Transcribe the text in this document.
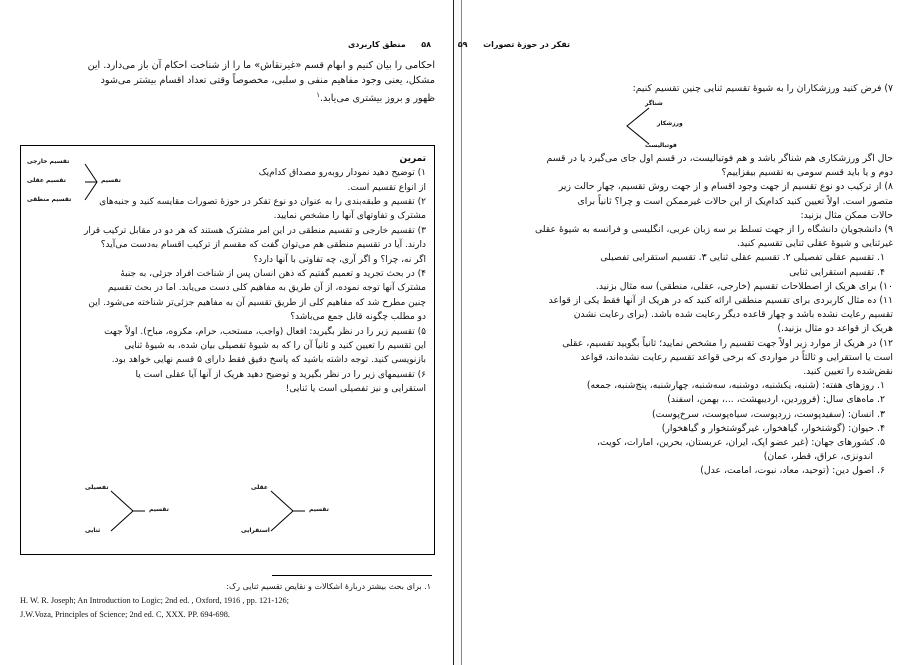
۵۸  منطق کاربردی
احکامی را بیان کنیم و ابهام قسم «غیرنقاش» ما را از شناخت احکام آن باز می‌دارد. این
مشکل، یعنی وجود مفاهیم منفی و سلبی، مخصوصاً وقتی تعداد اقسام بیشتر می‌شود
ظهور و بروز بیشتری می‌یابد.$^۱$
تمرین
۱) توضیح دهید نمودار روبه‌رو مصداق کدام‌یک
از انواع تقسیم است.
تقسیم
تقسیم خارجی
تقسیم عقلی
تقسیم منطقی	۲) تقسیم و طبقه‌بندی را به عنوان دو نوع تفکر در حوزهٔ تصورات مقایسه کنید و جنبه‌های
مشترک و تفاوتهای آنها را مشخص نمایید.
۳) تقسیم خارجی و تقسیم منطقی در این امر مشترک هستند که هر دو در مقابل ترکیب قرار
دارند. آیا در تقسیم منطقی هم می‌توان گفت که مقسم از ترکیب اقسام به‌دست می‌آید؟
اگر نه، چرا؟ و اگر آری، چه تفاوتی با آنها دارد؟
۴) در بحث تجرید و تعمیم گفتیم که ذهن انسان پس از شناخت افراد جزئی، به جنبهٔ
مشترک آنها توجه نموده، از آن طریق به مفاهیم کلی دست می‌یابد. اما در بحث تقسیم
چنین مطرح شد که مفاهیم کلی از طریق تقسیم آن به مفاهیم جزئی‌تر شناخته می‌شود. این
دو مطلب چگونه قابل جمع می‌باشد؟
۵) تقسیم زیر را در نظر بگیرید: افعال (واجب، مستحب، حرام، مکروه، مباح). اولاً جهت
این تقسیم را تعیین کنید و ثانیاً آن را که به شیوهٔ تفصیلی بیان شده، به شیوهٔ ثنایی
بازنویسی کنید. توجه داشته باشید که پاسخ دقیق فقط دارای ۵ قسم نهایی خواهد بود.
۶) تقسیمهای زیر را در نظر بگیرید و توضیح دهید هریک از آنها آیا عقلی است یا
استقرایی و نیز تفصیلی است یا ثنایی!
تقسیم
تفصیلی
ثنایی
تقسیم
عقلی
استقرایی
۱. برای بحث بیشتر دربارهٔ اشکالات و نقایص تقسیم ثنایی رک:
H. W. R. Joseph; An Introduction to Logic; 2nd ed. , Oxford, 1916 , pp. 121-126;
J.W.Voza, Principles of Science; 2nd ed. C, XXX. PP. 694-698.
تفکر در حوزهٔ تصورات  ۵۹
۷) فرض کنید ورزشکاران را به شیوهٔ تقسیم ثنایی چنین تقسیم کنیم:
ورزشکار
شناگر
فوتبالیست
حال اگر ورزشکاری هم شناگر باشد و هم فوتبالیست، در قسم اول جای می‌گیرد یا در قسم
دوم و یا باید قسم سومی به تقسیم بیفزاییم؟
۸) از ترکیب دو نوع تقسیم از جهت وجود اقسام و از جهت روش تقسیم، چهار حالت زیر
متصور است. اولاً تعیین کنید کدام‌یک از این حالات غیرممکن است و چرا؟ ثانیاً برای
حالات ممکن مثال بزنید:
۹) دانشجویان دانشگاه را از جهت تسلط بر سه زبان عربی، انگلیسی و فرانسه به شیوهٔ عقلی
غیرثنایی و شیوهٔ عقلی ثنایی تقسیم کنید.
۱. تقسیم عقلی تفصیلی ۲. تقسیم عقلی ثنایی ۳. تقسیم استقرایی تفصیلی
۴. تقسیم استقرایی ثنایی
۱۰) برای هریک از اصطلاحات تقسیم (خارجی، عقلی، منطقی) سه مثال بزنید.
۱۱) ده مثال کاربردی برای تقسیم منطقی ارائه کنید که در هریک از آنها فقط یکی از قواعد
تقسیم رعایت نشده باشد و چهار قاعده دیگر رعایت شده باشد. (برای رعایت نشدن
هریک از قواعد دو مثال بزنید.)
۱۲) در هریک از موارد زیر اولاً جهت تقسیم را مشخص نمایید؛ ثانیاً بگویید تقسیم، عقلی
است یا استقرایی و ثالثاً در مواردی که برخی قواعد تقسیم رعایت نشده‌اند، قواعد
نقض‌شده را تعیین کنید.
۱. روزهای هفته: (شنبه، یکشنبه، دوشنبه، سه‌شنبه، چهارشنبه، پنج‌شنبه، جمعه)
۲. ماه‌های سال: (فروردین، اردیبهشت، ...، بهمن، اسفند)
۳. انسان: (سفیدپوست، زردپوست، سیاه‌پوست، سرخ‌پوست)
۴. حیوان: (گوشتخوار، گیاهخوار، غیرگوشتخوار و گیاهخوار)
۵. کشورهای جهان: (غیر عضو اپک، ایران، عربستان، بحرین، امارات، کویت،
اندونزی، عراق، قطر، عمان)
۶. اصول دین: (توحید، معاد، نبوت، امامت، عدل)
